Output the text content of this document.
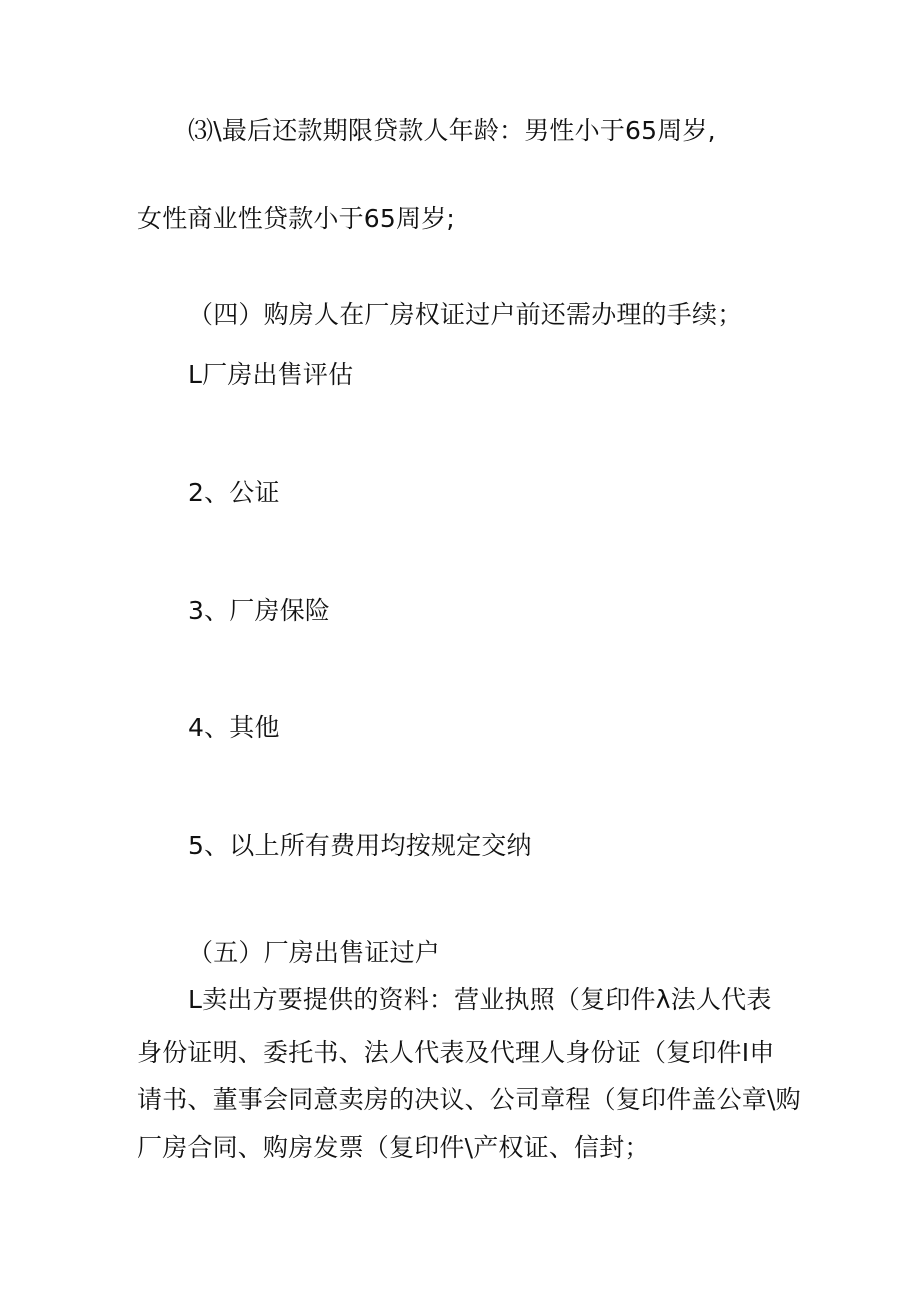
⑶\最后还款期限贷款人年龄：男性小于65周岁,
女性商业性贷款小于65周岁;
（四）购房人在厂房权证过户前还需办理的手续；
L厂房出售评估
2、公证
3、厂房保险
4、其他
5、以上所有费用均按规定交纳
（五）厂房出售证过户
L卖出方要提供的资料：营业执照（复印件λ法人代表
身份证明、委托书、法人代表及代理人身份证（复印件I申
请书、董事会同意卖房的决议、公司章程（复印件盖公章\购
厂房合同、购房发票（复印件\产权证、信封；
